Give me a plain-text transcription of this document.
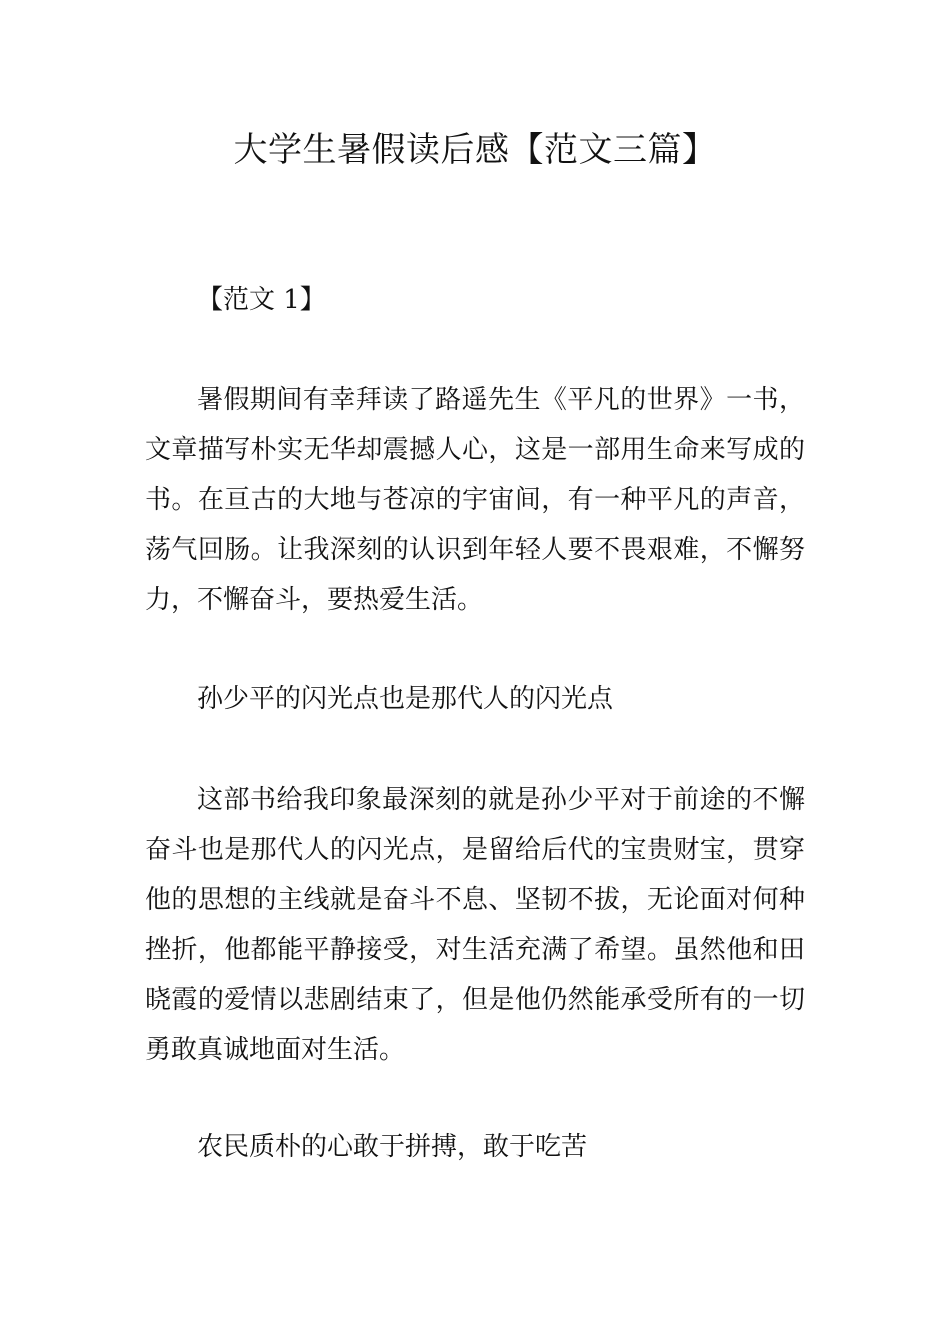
大学生暑假读后感【范文三篇】

【范文 1】

暑假期间有幸拜读了路遥先生《平凡的世界》一书，文章描写朴实无华却震撼人心，这是一部用生命来写成的书。在亘古的大地与苍凉的宇宙间，有一种平凡的声音，荡气回肠。让我深刻的认识到年轻人要不畏艰难，不懈努力，不懈奋斗，要热爱生活。

孙少平的闪光点也是那代人的闪光点

这部书给我印象最深刻的就是孙少平对于前途的不懈奋斗也是那代人的闪光点，是留给后代的宝贵财宝，贯穿他的思想的主线就是奋斗不息、坚韧不拔，无论面对何种挫折，他都能平静接受，对生活充满了希望。虽然他和田晓霞的爱情以悲剧结束了，但是他仍然能承受所有的一切勇敢真诚地面对生活。

农民质朴的心敢于拼搏，敢于吃苦
